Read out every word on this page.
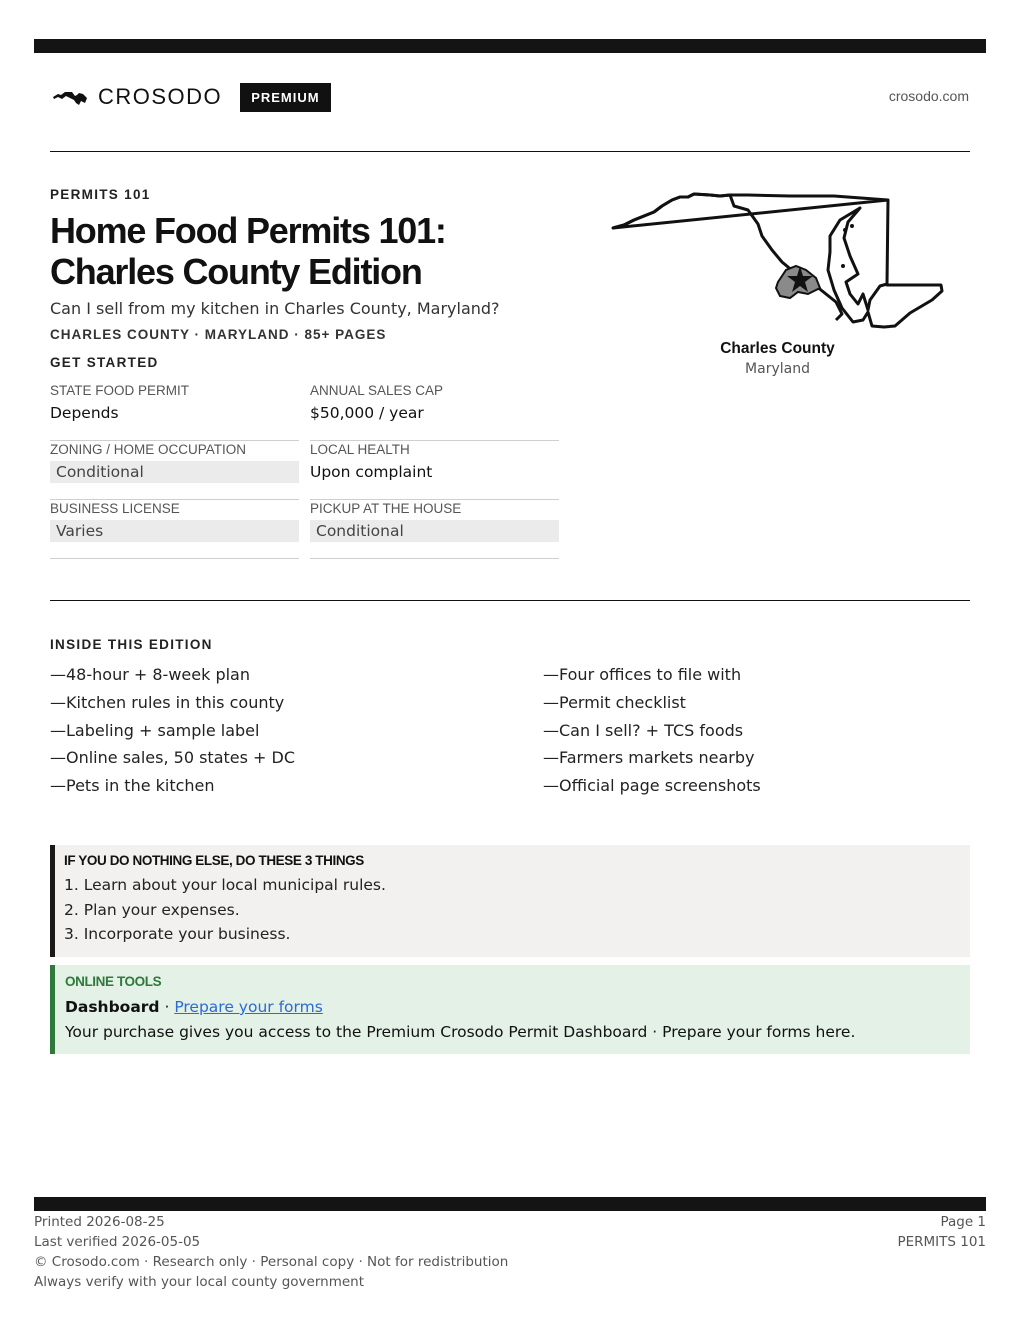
CROSODO	PREMIUM	crosodo.com
PERMITS 101
Home Food Permits 101: Charles County Edition
Can I sell from my kitchen in Charles County, Maryland?
CHARLES COUNTY · MARYLAND · 85+ PAGES
GET STARTED
STATE FOOD PERMIT
Depends
ANNUAL SALES CAP
$50,000 / year
ZONING / HOME OCCUPATION
Conditional
LOCAL HEALTH
Upon complaint
BUSINESS LICENSE
Varies
PICKUP AT THE HOUSE
Conditional
Charles County
Maryland
INSIDE THIS EDITION
—48-hour + 8-week plan
—Kitchen rules in this county
—Labeling + sample label
—Online sales, 50 states + DC
—Pets in the kitchen
—Four offices to file with
—Permit checklist
—Can I sell? + TCS foods
—Farmers markets nearby
—Official page screenshots
IF YOU DO NOTHING ELSE, DO THESE 3 THINGS
1. Learn about your local municipal rules.
2. Plan your expenses.
3. Incorporate your business.
ONLINE TOOLS
Dashboard · Prepare your forms
Your purchase gives you access to the Premium Crosodo Permit Dashboard · Prepare your forms here.
Printed 2026-08-25
Last verified 2026-05-05
© Crosodo.com · Research only · Personal copy · Not for redistribution
Always verify with your local county government
Page 1
PERMITS 101
